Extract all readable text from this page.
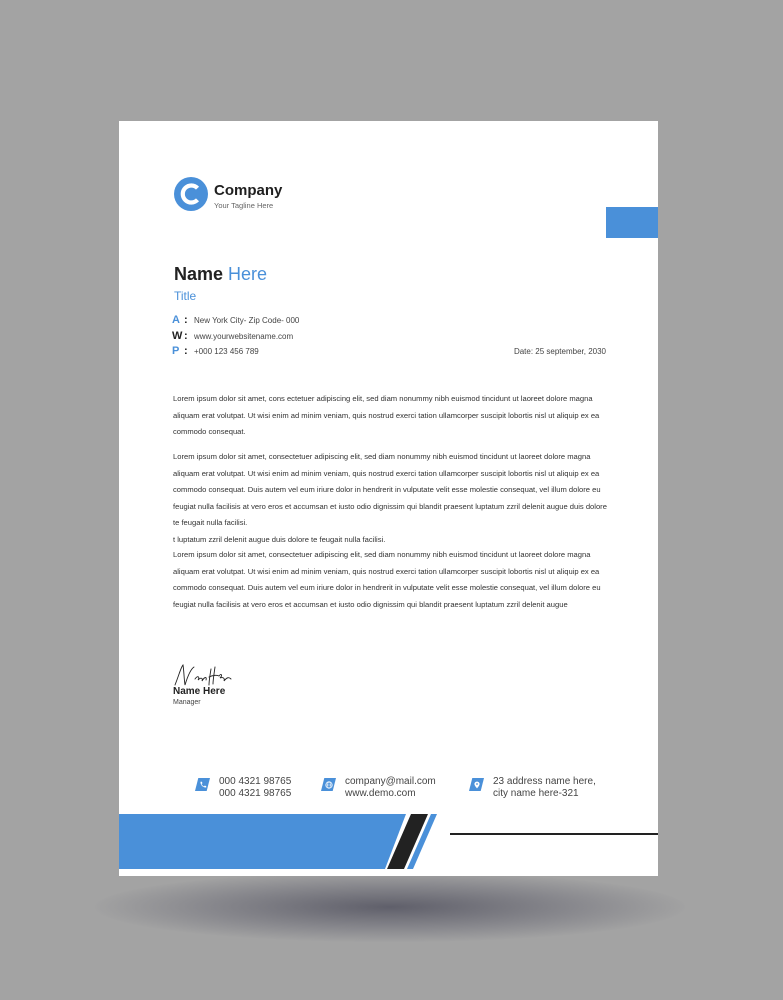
Company
Your Tagline Here
Name Here
Title
A : New York City- Zip Code- 000
W : www.yourwebsitename.com
P : +000 123 456 789	Date: 25 september, 2030

Lorem ipsum dolor sit amet, cons ectetuer adipiscing elit, sed diam nonummy nibh euismod tincidunt ut laoreet dolore magna aliquam erat volutpat. Ut wisi enim ad minim veniam, quis nostrud exerci tation ullamcorper suscipit lobortis nisl ut aliquip ex ea commodo consequat.

Lorem ipsum dolor sit amet, consectetuer adipiscing elit, sed diam nonummy nibh euismod tincidunt ut laoreet dolore magna aliquam erat volutpat. Ut wisi enim ad minim veniam, quis nostrud exerci tation ullamcorper suscipit lobortis nisl ut aliquip ex ea commodo consequat. Duis autem vel eum iriure dolor in hendrerit in vulputate velit esse molestie consequat, vel illum dolore eu feugiat nulla facilisis at vero eros et accumsan et iusto odio dignissim qui blandit praesent luptatum zzril delenit augue duis dolore te feugait nulla facilisi.

t luptatum zzril delenit augue duis dolore te feugait nulla facilisi.

Lorem ipsum dolor sit amet, consectetuer adipiscing elit, sed diam nonummy nibh euismod tincidunt ut laoreet dolore magna aliquam erat volutpat. Ut wisi enim ad minim veniam, quis nostrud exerci tation ullamcorper suscipit lobortis nisl ut aliquip ex ea commodo consequat. Duis autem vel eum iriure dolor in hendrerit in vulputate velit esse molestie consequat, vel illum dolore eu feugiat nulla facilisis at vero eros et accumsan et iusto odio dignissim qui blandit praesent luptatum zzril delenit augue

Name Here
Manager
000 4321 98765
000 4321 98765
company@mail.com
www.demo.com
23 address name here,
city name here-321
